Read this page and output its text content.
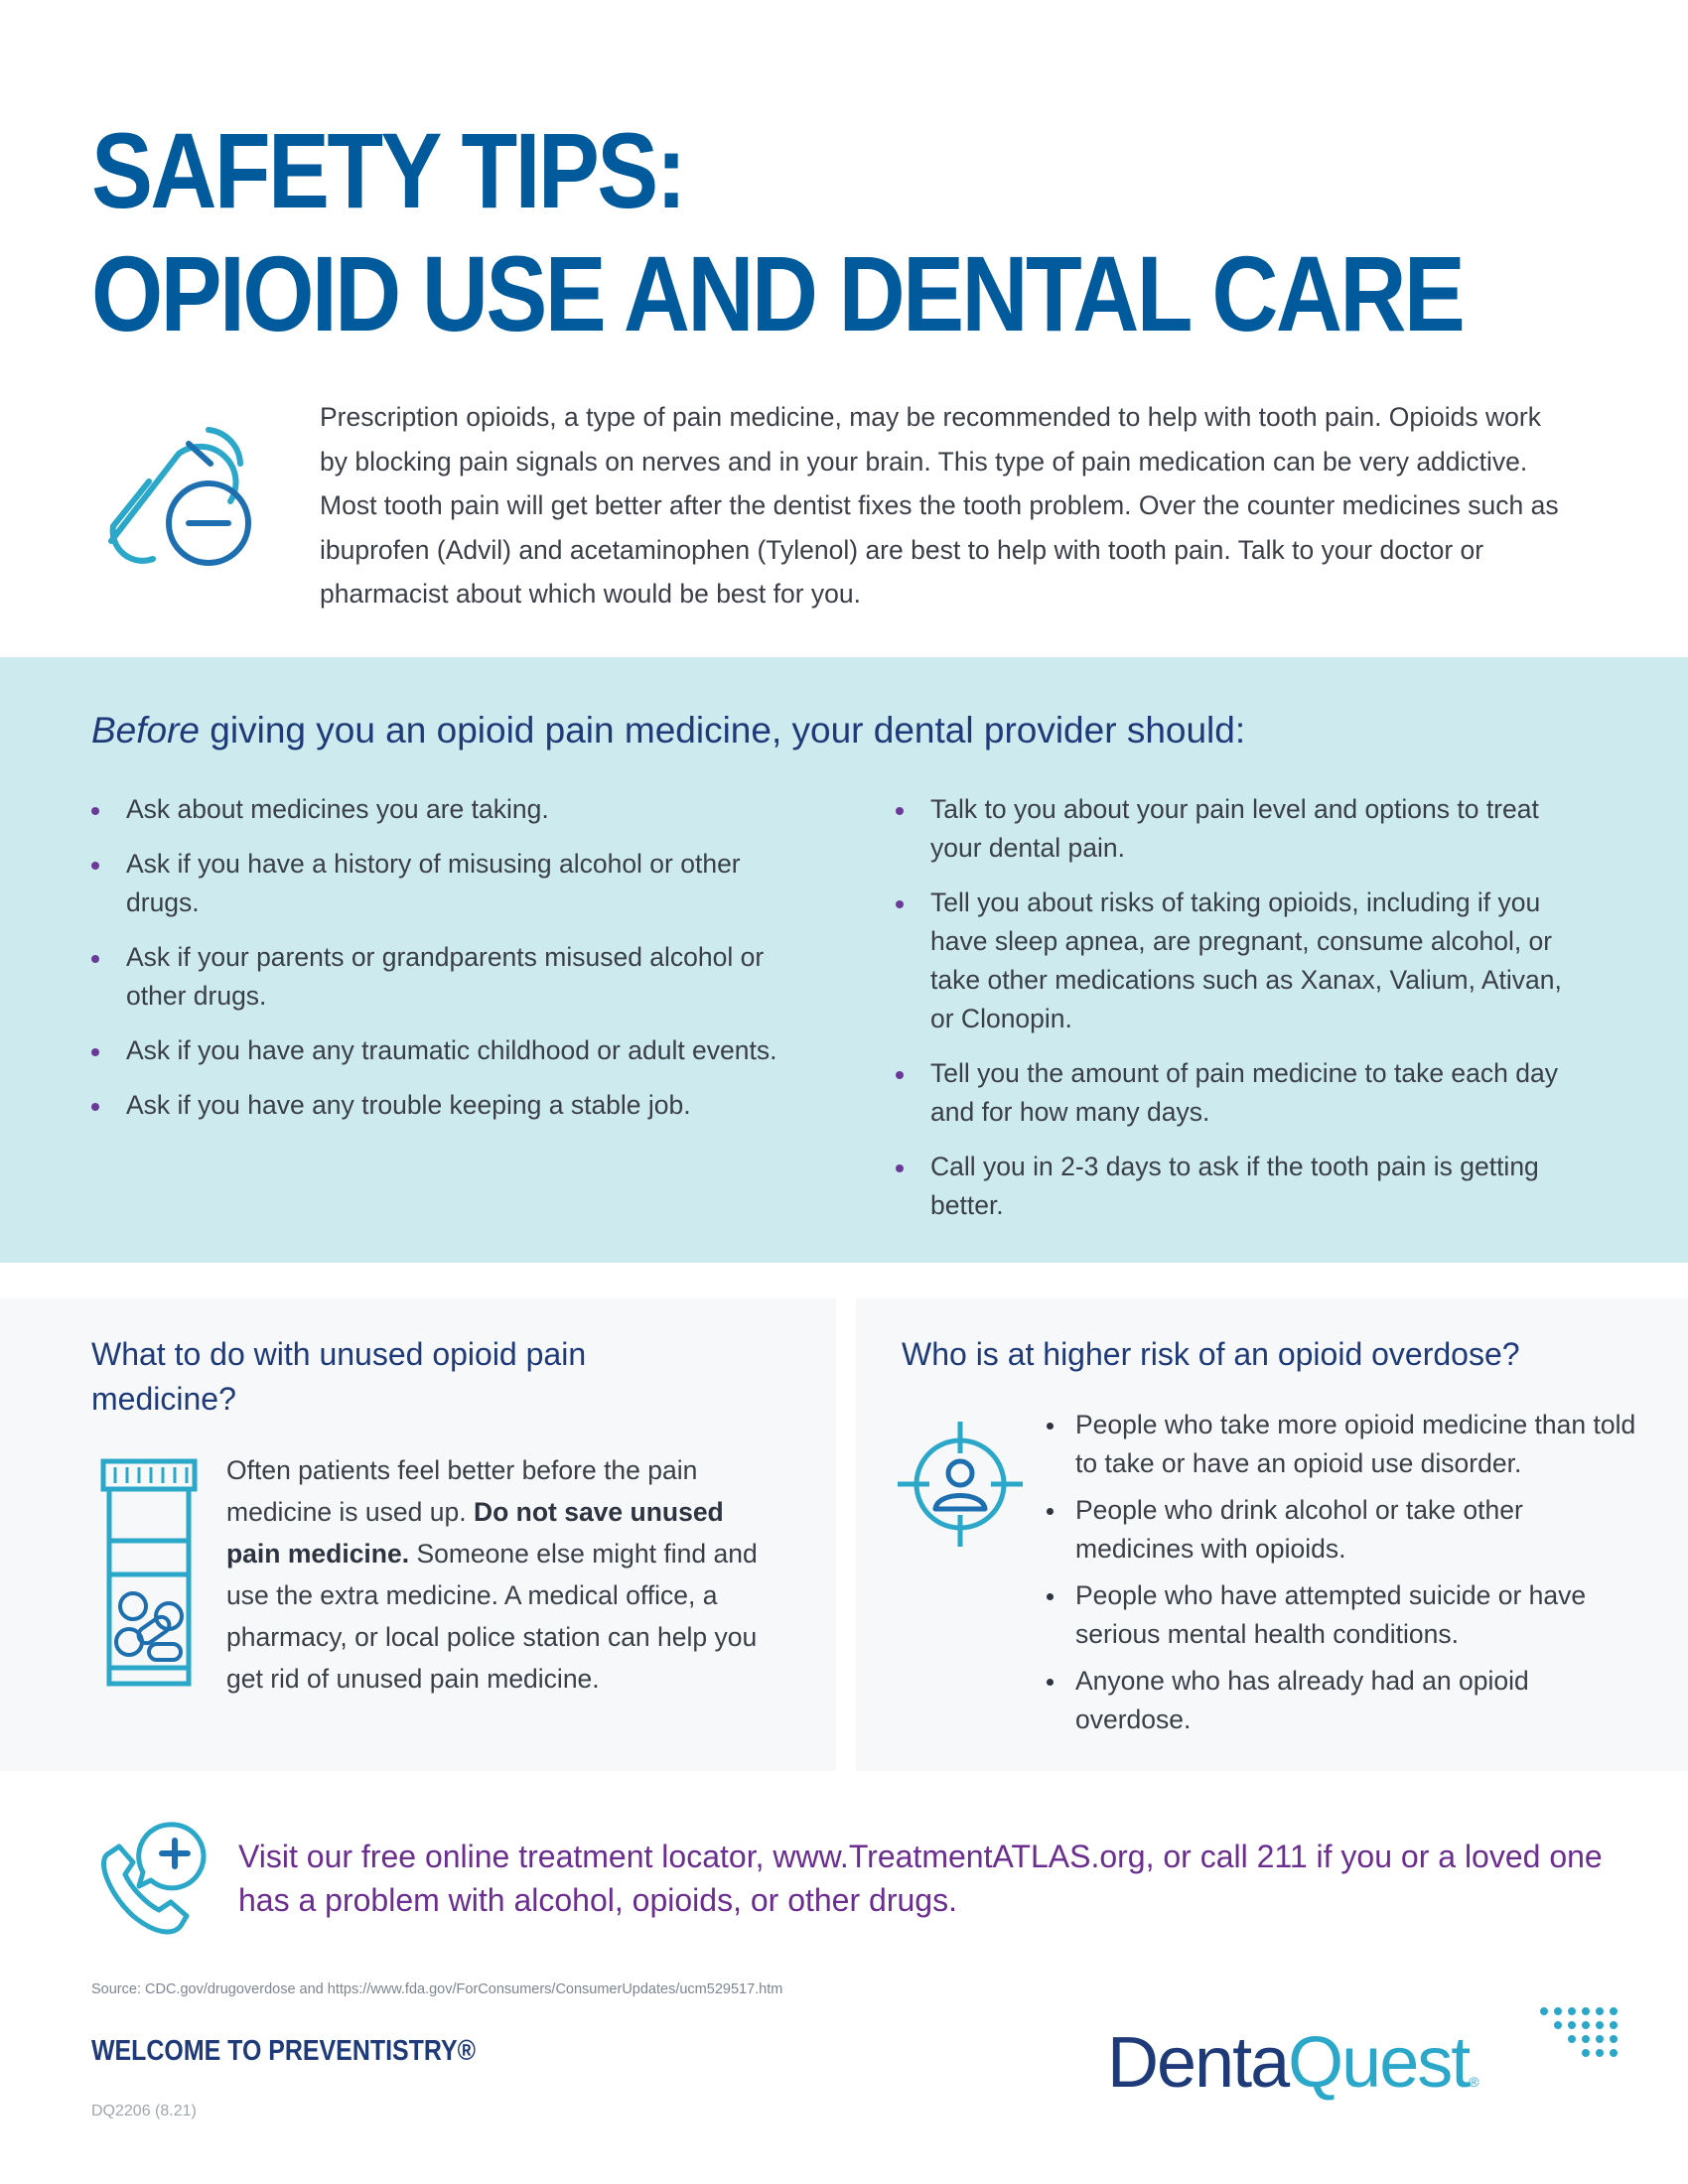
SAFETY TIPS:
OPIOID USE AND DENTAL CARE

Prescription opioids, a type of pain medicine, may be recommended to help with tooth pain. Opioids work by blocking pain signals on nerves and in your brain. This type of pain medication can be very addictive. Most tooth pain will get better after the dentist fixes the tooth problem. Over the counter medicines such as ibuprofen (Advil) and acetaminophen (Tylenol) are best to help with tooth pain. Talk to your doctor or pharmacist about which would be best for you.

Before giving you an opioid pain medicine, your dental provider should:
Ask about medicines you are taking.
Ask if you have a history of misusing alcohol or other drugs.
Ask if your parents or grandparents misused alcohol or other drugs.
Ask if you have any traumatic childhood or adult events.
Ask if you have any trouble keeping a stable job.
Talk to you about your pain level and options to treat your dental pain.
Tell you about risks of taking opioids, including if you have sleep apnea, are pregnant, consume alcohol, or take other medications such as Xanax, Valium, Ativan, or Clonopin.
Tell you the amount of pain medicine to take each day and for how many days.
Call you in 2-3 days to ask if the tooth pain is getting better.
What to do with unused opioid pain medicine?

Often patients feel better before the pain medicine is used up. Do not save unused pain medicine. Someone else might find and use the extra medicine. A medical office, a pharmacy, or local police station can help you get rid of unused pain medicine.

Who is at higher risk of an opioid overdose?
People who take more opioid medicine than told to take or have an opioid use disorder.
People who drink alcohol or take other medicines with opioids.
People who have attempted suicide or have serious mental health conditions.
Anyone who has already had an opioid overdose.

Visit our free online treatment locator, www.TreatmentATLAS.org, or call 211 if you or a loved one has a problem with alcohol, opioids, or other drugs.

Source: CDC.gov/drugoverdose and https://www.fda.gov/ForConsumers/ConsumerUpdates/ucm529517.htm

WELCOME TO PREVENTISTRY®

DQ2206 (8.21)

DentaQuest®
